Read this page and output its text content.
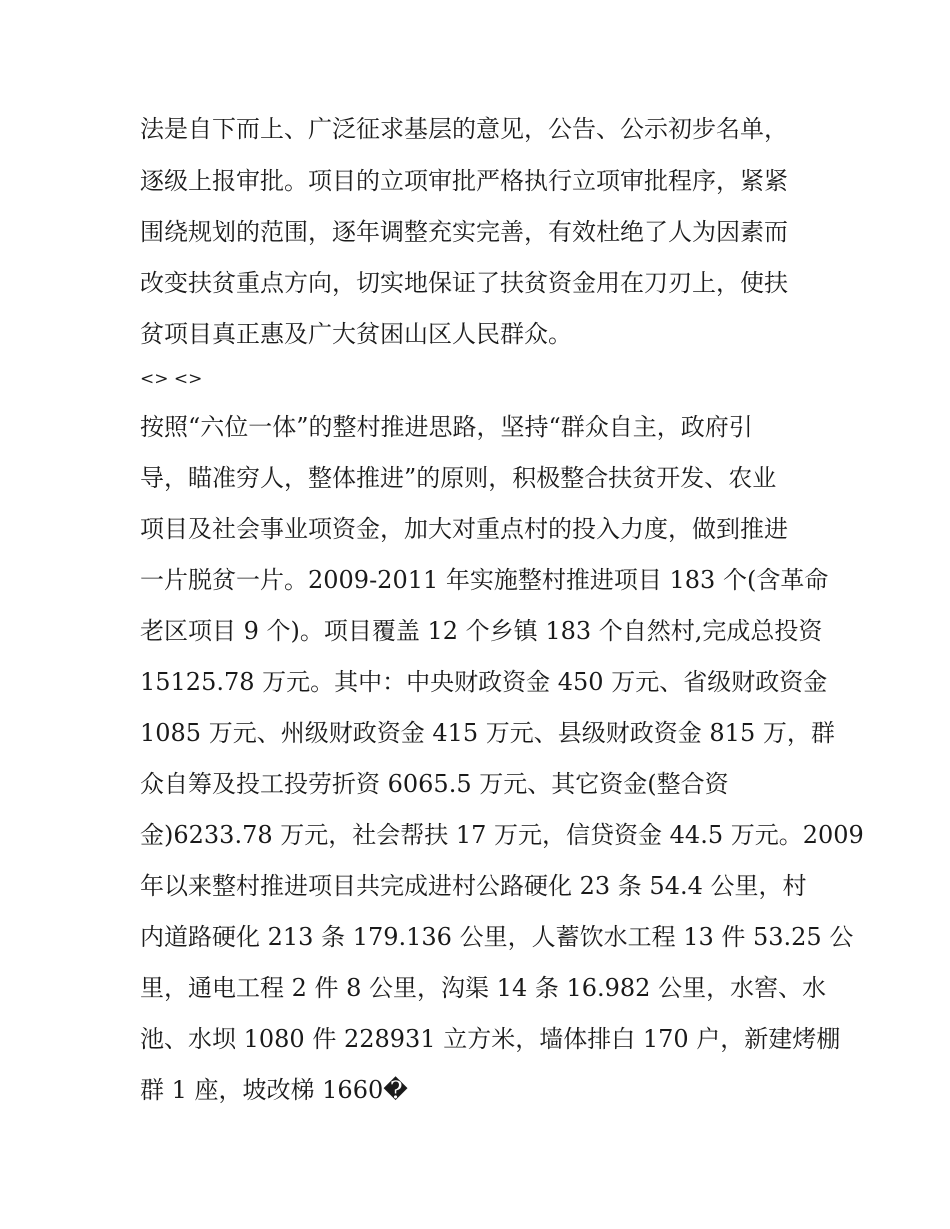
法是自下而上、广泛征求基层的意见，公告、公示初步名单，
逐级上报审批。项目的立项审批严格执行立项审批程序，紧紧
围绕规划的范围，逐年调整充实完善，有效杜绝了人为因素而
改变扶贫重点方向，切实地保证了扶贫资金用在刀刃上，使扶
贫项目真正惠及广大贫困山区人民群众。
<> <>
按照“六位一体”的整村推进思路，坚持“群众自主，政府引
导，瞄准穷人，整体推进”的原则，积极整合扶贫开发、农业
项目及社会事业项资金，加大对重点村的投入力度，做到推进
一片脱贫一片。2009-2011 年实施整村推进项目 183 个(含革命
老区项目 9 个)。项目覆盖 12 个乡镇 183 个自然村,完成总投资
15125.78 万元。其中：中央财政资金 450 万元、省级财政资金
1085 万元、州级财政资金 415 万元、县级财政资金 815 万，群
众自筹及投工投劳折资 6065.5 万元、其它资金(整合资
金)6233.78 万元，社会帮扶 17 万元，信贷资金 44.5 万元。2009
年以来整村推进项目共完成进村公路硬化 23 条 54.4 公里，村
内道路硬化 213 条 179.136 公里，人蓄饮水工程 13 件 53.25 公
里，通电工程 2 件 8 公里，沟渠 14 条 16.982 公里，水窖、水
池、水坝 1080 件 228931 立方米，墙体排白 170 户，新建烤棚
群 1 座，坡改梯 1660�
